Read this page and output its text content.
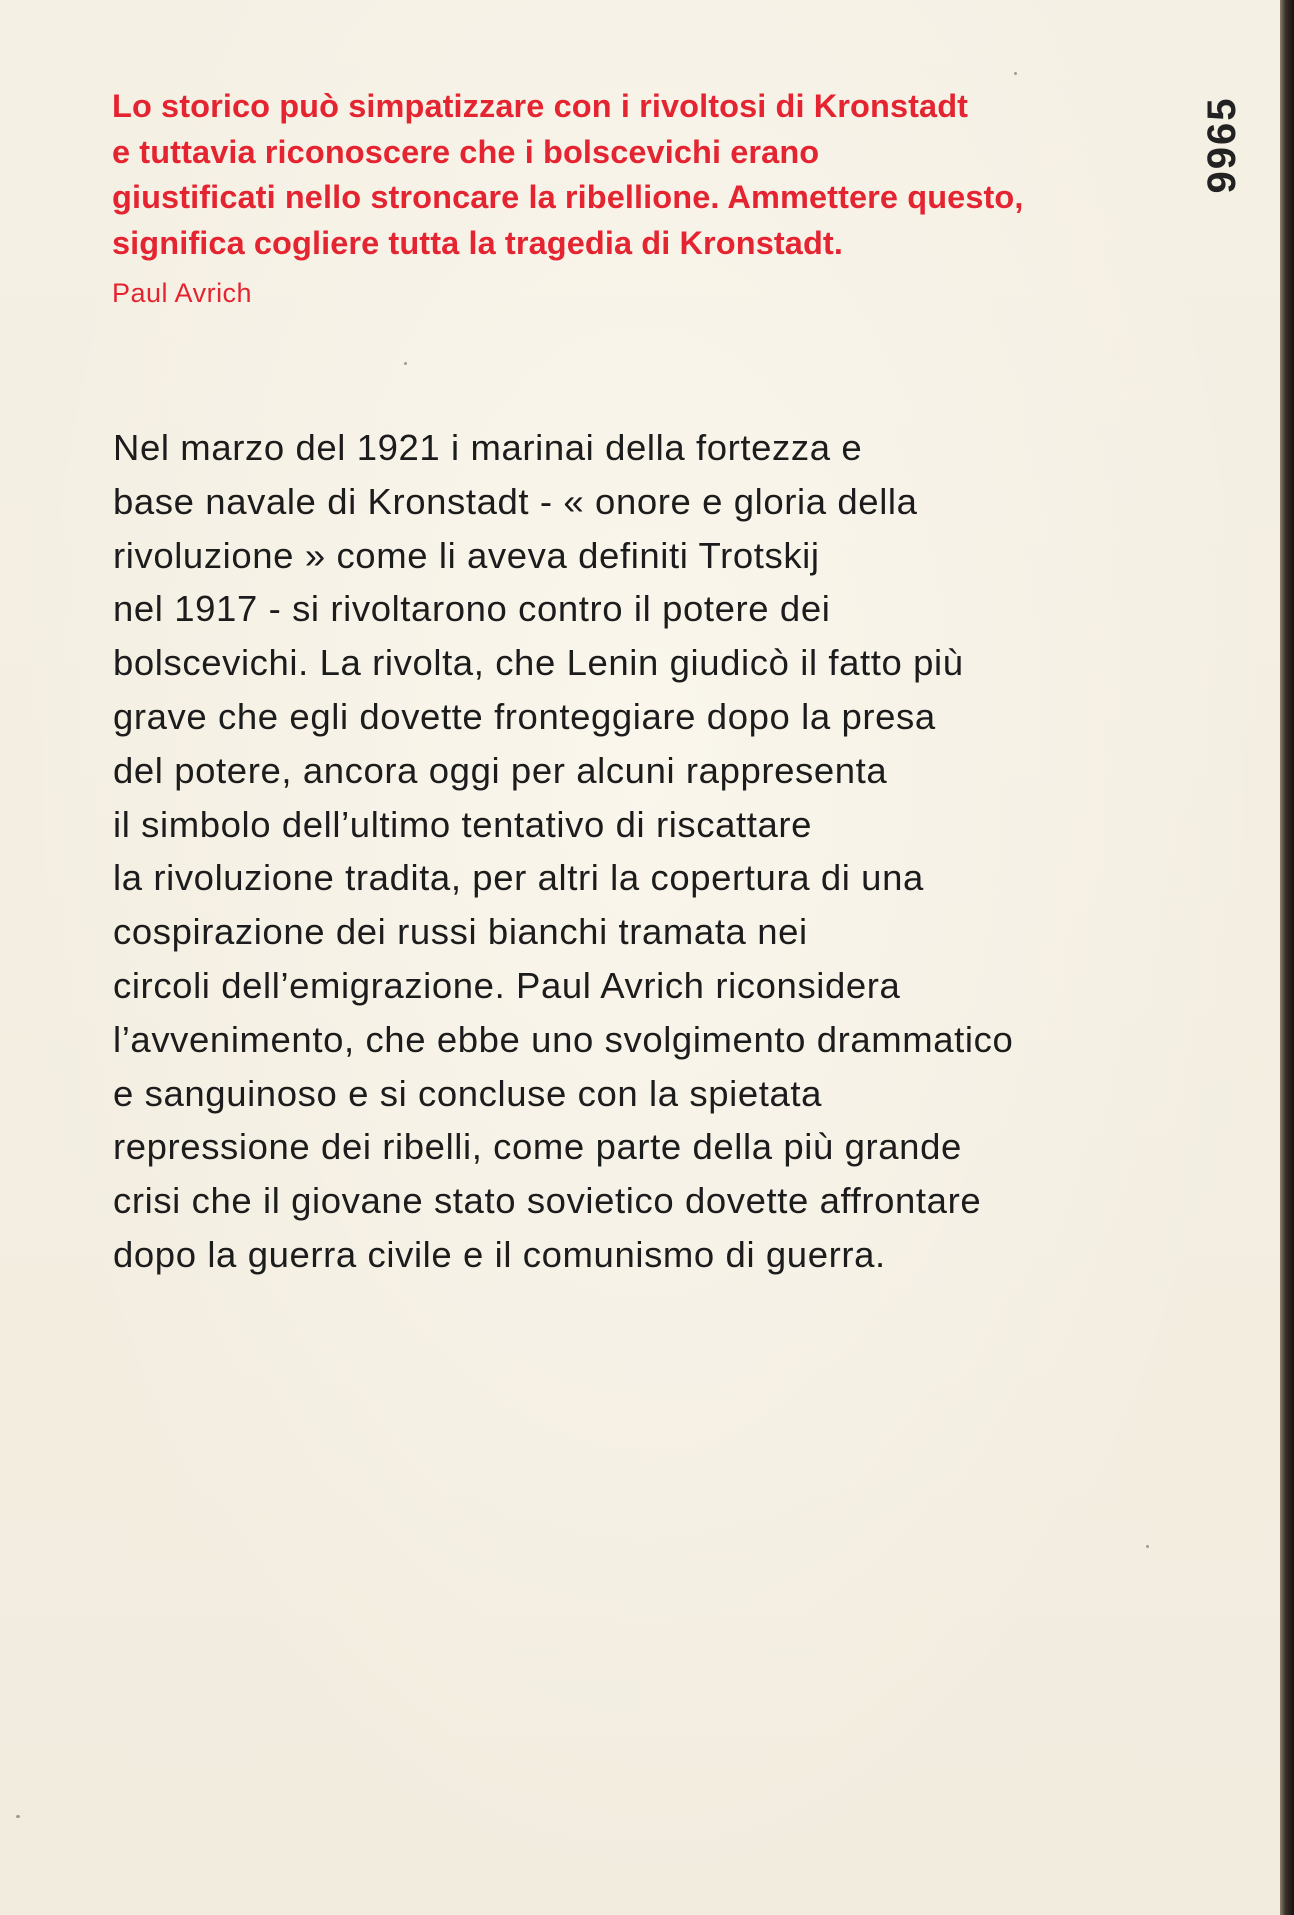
Lo storico può simpatizzare con i rivoltosi di Kronstadt
e tuttavia riconoscere che i bolscevichi erano
giustificati nello stroncare la ribellione. Ammettere questo,
significa cogliere tutta la tragedia di Kronstadt.
Paul Avrich
9965
Nel marzo del 1921 i marinai della fortezza e
base navale di Kronstadt - « onore e gloria della
rivoluzione » come li aveva definiti Trotskij
nel 1917 - si rivoltarono contro il potere dei
bolscevichi. La rivolta, che Lenin giudicò il fatto più
grave che egli dovette fronteggiare dopo la presa
del potere, ancora oggi per alcuni rappresenta
il simbolo dell’ultimo tentativo di riscattare
la rivoluzione tradita, per altri la copertura di una
cospirazione dei russi bianchi tramata nei
circoli dell’emigrazione. Paul Avrich riconsidera
l’avvenimento, che ebbe uno svolgimento drammatico
e sanguinoso e si concluse con la spietata
repressione dei ribelli, come parte della più grande
crisi che il giovane stato sovietico dovette affrontare
dopo la guerra civile e il comunismo di guerra.
